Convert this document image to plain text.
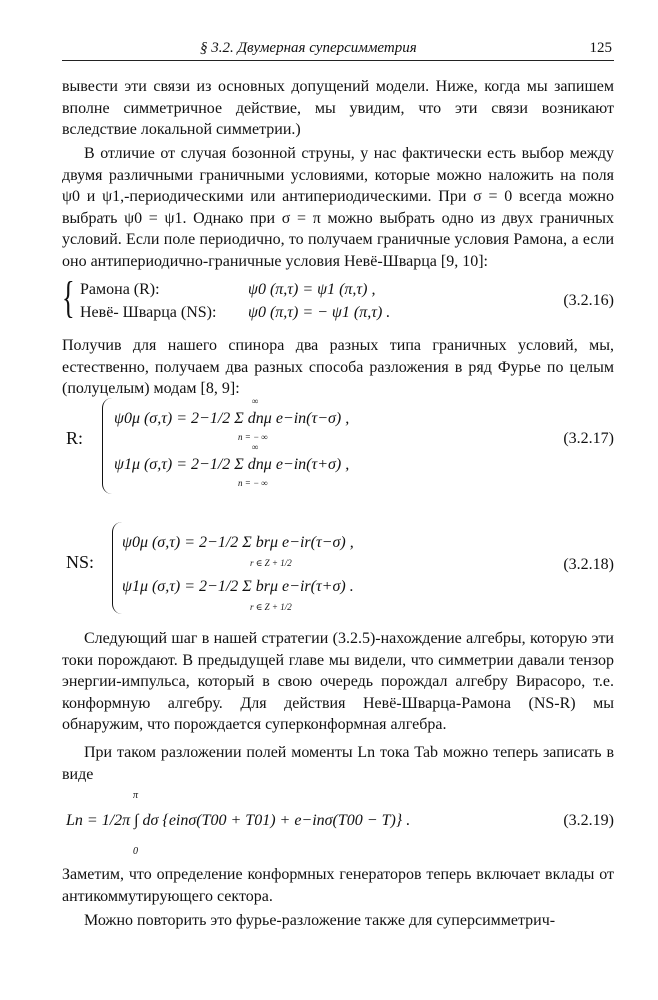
§ 3.2. Двумерная суперсимметрия	125

вывести эти связи из основных допущений модели. Ниже, когда мы запишем вполне симметричное действие, мы увидим, что эти связи возникают вследствие локальной симметрии.)

В отличие от случая бозонной струны, у нас фактически есть выбор между двумя различными граничными условиями, которые можно наложить на поля ψ0 и ψ1,-периодическими или антипериодическими. При σ = 0 всегда можно выбрать ψ0 = ψ1. Однако при σ = π можно выбрать одно из двух граничных условий. Если поле периодично, то получаем граничные условия Рамона, а если оно антипериодично-граничные условия Невё-Шварца [9, 10]:

{ Рамона (R):	ψ0 (π,τ) = ψ1 (π,τ) ,
Невё- Шварца (NS): ψ0 (π,τ) = − ψ1 (π,τ) .
(3.2.16)

Получив для нашего спинора два разных типа граничных условий, мы, естественно, получаем два разных способа разложения в ряд Фурье по целым (полуцелым) модам [8, 9]:

R:
ψ0μ (σ,τ) = 2−1/2 Σ dnμ e−in(τ−σ) ,
∞
n = − ∞
ψ1μ (σ,τ) = 2−1/2 Σ dnμ e−in(τ+σ) ,
∞
n = − ∞
(3.2.17)
NS:
ψ0μ (σ,τ) = 2−1/2 Σ brμ e−ir(τ−σ) ,
r ∈ Z + 1/2
ψ1μ (σ,τ) = 2−1/2 Σ brμ e−ir(τ+σ) .
r ∈ Z + 1/2
(3.2.18)

Следующий шаг в нашей стратегии (3.2.5)-нахождение алгебры, которую эти токи порождают. В предыдущей главе мы видели, что симметрии давали тензор энергии-импульса, который в свою очередь порождал алгебру Вирасоро, т.е. конформную алгебру. Для действия Невё-Шварца-Рамона (NS-R) мы обнаружим, что порождается суперконформная алгебра.

При таком разложении полей моменты Ln тока Tab можно теперь записать в виде

π
Ln = 1/2π ∫ dσ {einσ(T00 + T01) + e−inσ(T00 − T)} .
0
(3.2.19)

Заметим, что определение конформных генераторов теперь включает вклады от антикоммутирующего сектора.

Можно повторить это фурье-разложение также для суперсимметрич-
